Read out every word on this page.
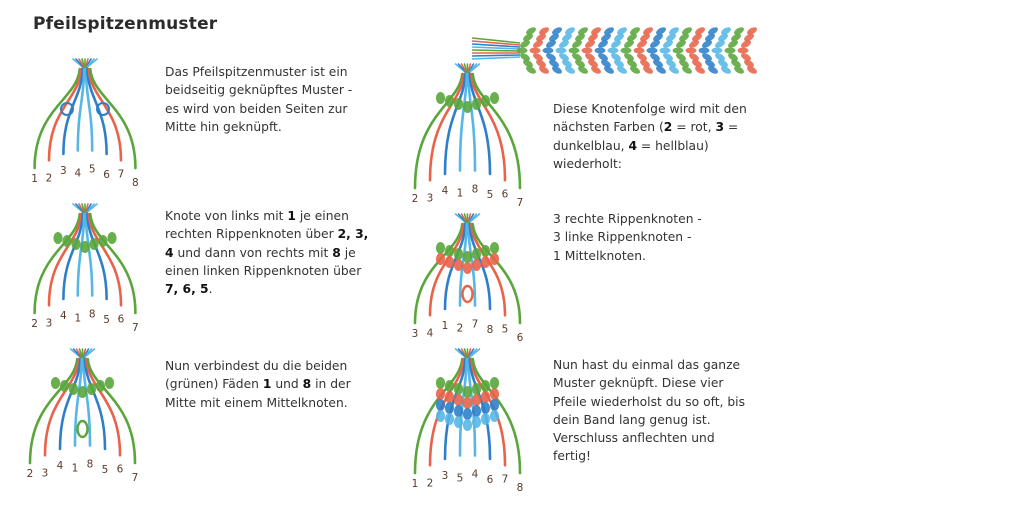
Pfeilspitzenmuster
1 2
3 4 5 6 7
8

Das Pfeilspitzenmuster ist ein beidseitig geknüpftes Muster - es wird von beiden Seiten zur Mitte hin geknüpft.

2 3
4 1 8 5 6
7

Knote von links mit 1 je einen rechten Rippenknoten über 2, 3, 4 und dann von rechts mit 8 je einen linken Rippenknoten über 7, 6, 5.

2 3
4 1 8 5 6
7

Nun verbindest du die beiden (grünen) Fäden 1 und 8 in der Mitte mit einem Mittelknoten.

2 3
4 1 8 5 6
7

Diese Knotenfolge wird mit den nächsten Farben (2 = rot, 3 = dunkelblau, 4 = hellblau) wiederholt:

3 4
1 2 7 8 5
6

3 rechte Rippenknoten -
3 linke Rippenknoten -
1 Mittelknoten.

1 2
3 5 4 6 7
8

Nun hast du einmal das ganze Muster geknüpft. Diese vier Pfeile wiederholst du so oft, bis dein Band lang genug ist. Verschluss anflechten und fertig!
